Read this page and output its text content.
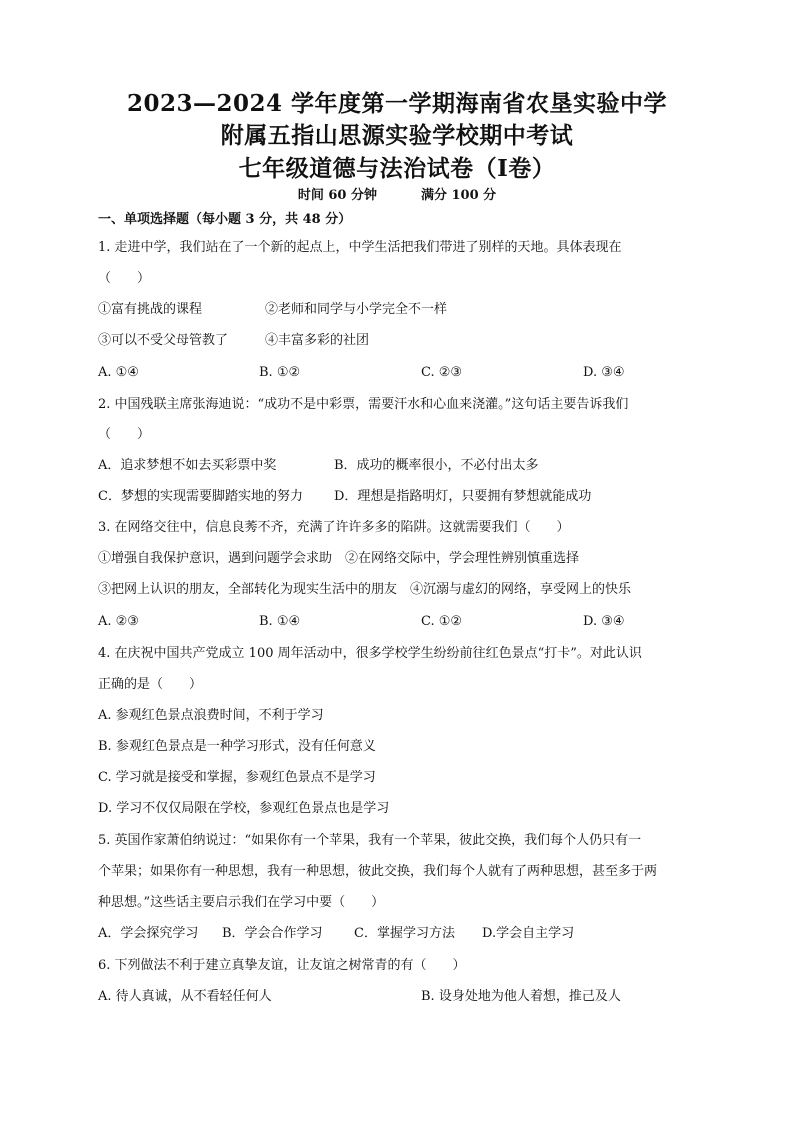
2023—2024 学年度第一学期海南省农垦实验中学
附属五指山思源实验学校期中考试
七年级道德与法治试卷（Ⅰ卷）
时间 60 分钟	满分 100 分
一、单项选择题（每小题 3 分，共 48 分）
1. 走进中学，我们站在了一个新的起点上，中学生活把我们带进了别样的天地。具体表现在
（　　）
①富有挑战的课程	②老师和同学与小学完全不一样
③可以不受父母管教了	④丰富多彩的社团
A. ①④	B. ①②	C. ②③	D. ③④
2. 中国残联主席张海迪说：“成功不是中彩票，需要汗水和心血来浇灌。”这句话主要告诉我们
（　　）
A．追求梦想不如去买彩票中奖	B．成功的概率很小，不必付出太多
C．梦想的实现需要脚踏实地的努力 D．理想是指路明灯，只要拥有梦想就能成功
3. 在网络交往中，信息良莠不齐，充满了许许多多的陷阱。这就需要我们（　　）
①增强自我保护意识，遇到问题学会求助　②在网络交际中，学会理性辨别慎重选择
③把网上认识的朋友，全部转化为现实生活中的朋友　④沉溺与虚幻的网络，享受网上的快乐
A. ②③	B. ①④	C. ①②	D. ③④
4. 在庆祝中国共产党成立 100 周年活动中，很多学校学生纷纷前往红色景点“打卡”。对此认识
正确的是（　　）
A. 参观红色景点浪费时间，不利于学习
B. 参观红色景点是一种学习形式，没有任何意义
C. 学习就是接受和掌握，参观红色景点不是学习
D. 学习不仅仅局限在学校，参观红色景点也是学习
5. 英国作家萧伯纳说过：“如果你有一个苹果，我有一个苹果，彼此交换，我们每个人仍只有一
个苹果；如果你有一种思想，我有一种思想，彼此交换，我们每个人就有了两种思想，甚至多于两
种思想。”这些话主要启示我们在学习中要（　　）
A．学会探究学习 B．学会合作学习 C．掌握学习方法 D.学会自主学习
6. 下列做法不利于建立真挚友谊，让友谊之树常青的有（　　）
A. 待人真诚，从不看轻任何人	B. 设身处地为他人着想，推己及人
